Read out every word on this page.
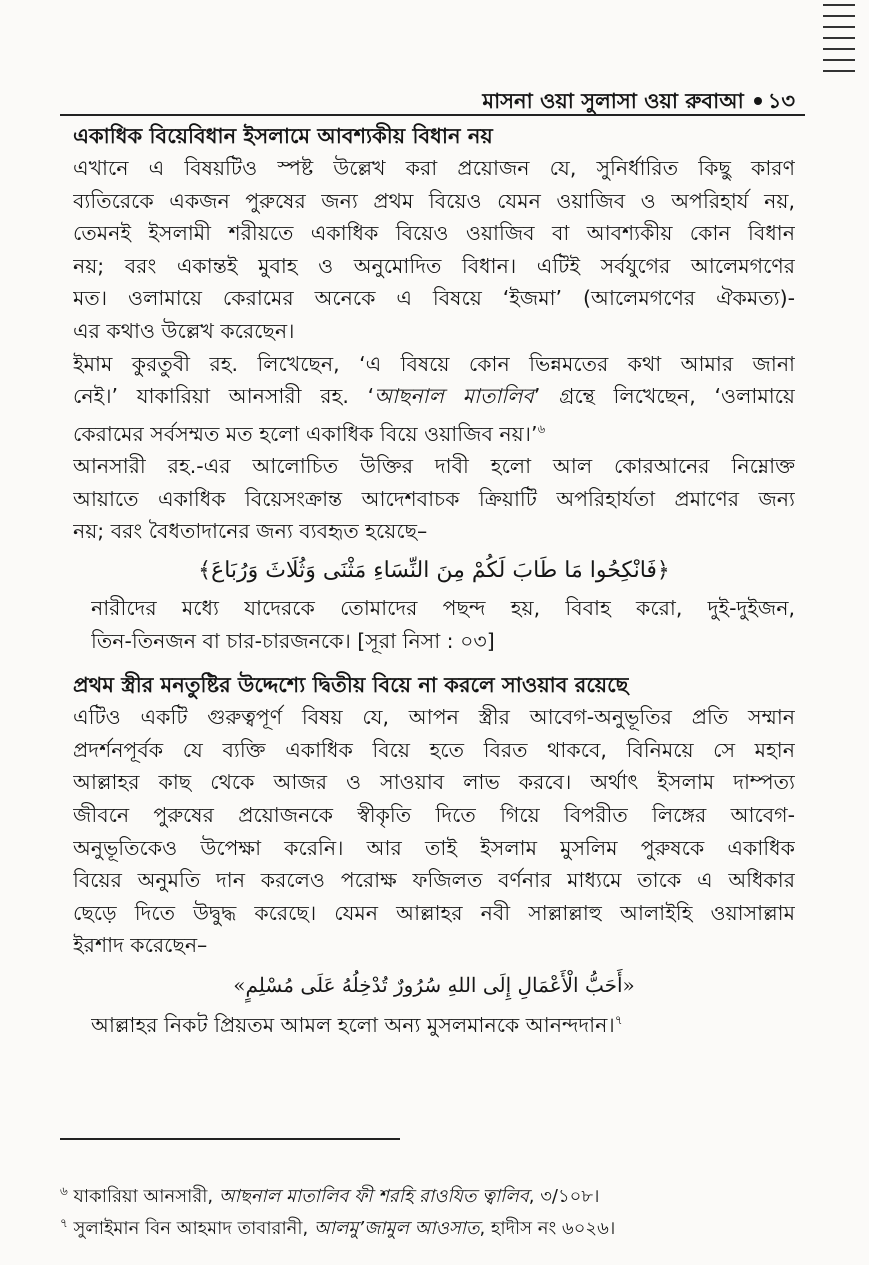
মাসনা ওয়া সুলাসা ওয়া রুবাআ ১৩
একাধিক বিয়েবিধান ইসলামে আবশ্যকীয় বিধান নয়

এখানে এ বিষয়টিও স্পষ্ট উল্লেখ করা প্রয়োজন যে, সুনির্ধারিত কিছু কারণ
ব্যতিরেকে একজন পুরুষের জন্য প্রথম বিয়েও যেমন ওয়াজিব ও অপরিহার্য নয়,
তেমনই ইসলামী শরীয়তে একাধিক বিয়েও ওয়াজিব বা আবশ্যকীয় কোন বিধান
নয়; বরং একান্তই মুবাহ ও অনুমোদিত বিধান। এটিই সর্বযুগের আলেমগণের
মত। ওলামায়ে কেরামের অনেকে এ বিষয়ে ‘ইজমা’ (আলেমগণের ঐকমত্য)-
এর কথাও উল্লেখ করেছেন।

ইমাম কুরতুবী রহ. লিখেছেন, ‘এ বিষয়ে কোন ভিন্নমতের কথা আমার জানা
নেই।’ যাকারিয়া আনসারী রহ. ‘আছনাল মাতালিব’ গ্রন্থে লিখেছেন, ‘ওলামায়ে
কেরামের সর্বসম্মত মত হলো একাধিক বিয়ে ওয়াজিব নয়।’$^৬$

আনসারী রহ.-এর আলোচিত উক্তির দাবী হলো আল কোরআনের নিম্নোক্ত
আয়াতে একাধিক বিয়েসংক্রান্ত আদেশবাচক ক্রিয়াটি অপরিহার্যতা প্রমাণের জন্য
নয়; বরং বৈধতাদানের জন্য ব্যবহৃত হয়েছে–

﴿فَانْكِحُوا مَا طَابَ لَكُمْ مِنَ النِّسَاءِ مَثْنَى وَثُلَاثَ وَرُبَاعَ﴾

নারীদের মধ্যে যাদেরকে তোমাদের পছন্দ হয়, বিবাহ করো, দুই-দুইজন,
তিন-তিনজন বা চার-চারজনকে। [সূরা নিসা : ০৩]

প্রথম স্ত্রীর মনতুষ্টির উদ্দেশ্যে দ্বিতীয় বিয়ে না করলে সাওয়াব রয়েছে

এটিও একটি গুরুত্বপূর্ণ বিষয় যে, আপন স্ত্রীর আবেগ-অনুভূতির প্রতি সম্মান
প্রদর্শনপূর্বক যে ব্যক্তি একাধিক বিয়ে হতে বিরত থাকবে, বিনিময়ে সে মহান
আল্লাহর কাছ থেকে আজর ও সাওয়াব লাভ করবে। অর্থাৎ ইসলাম দাম্পত্য
জীবনে পুরুষের প্রয়োজনকে স্বীকৃতি দিতে গিয়ে বিপরীত লিঙ্গের আবেগ-
অনুভূতিকেও উপেক্ষা করেনি। আর তাই ইসলাম মুসলিম পুরুষকে একাধিক
বিয়ের অনুমতি দান করলেও পরোক্ষ ফজিলত বর্ণনার মাধ্যমে তাকে এ অধিকার
ছেড়ে দিতে উদ্বুদ্ধ করেছে। যেমন আল্লাহর নবী সাল্লাল্লাহু আলাইহি ওয়াসাল্লাম
ইরশাদ করেছেন–

«أَحَبُّ الْأَعْمَالِ إِلَى اللهِ سُرُورٌ تُدْخِلُهُ عَلَى مُسْلِمٍ»

আল্লাহর নিকট প্রিয়তম আমল হলো অন্য মুসলমানকে আনন্দদান।$^৭$

$^৬$ যাকারিয়া আনসারী, আছনাল মাতালিব ফী শরহি রাওযিত ত্বালিব, ৩/১০৮।
$^৭$ সুলাইমান বিন আহমাদ তাবারানী, আলমু’জামুল আওসাত, হাদীস নং ৬০২৬।
